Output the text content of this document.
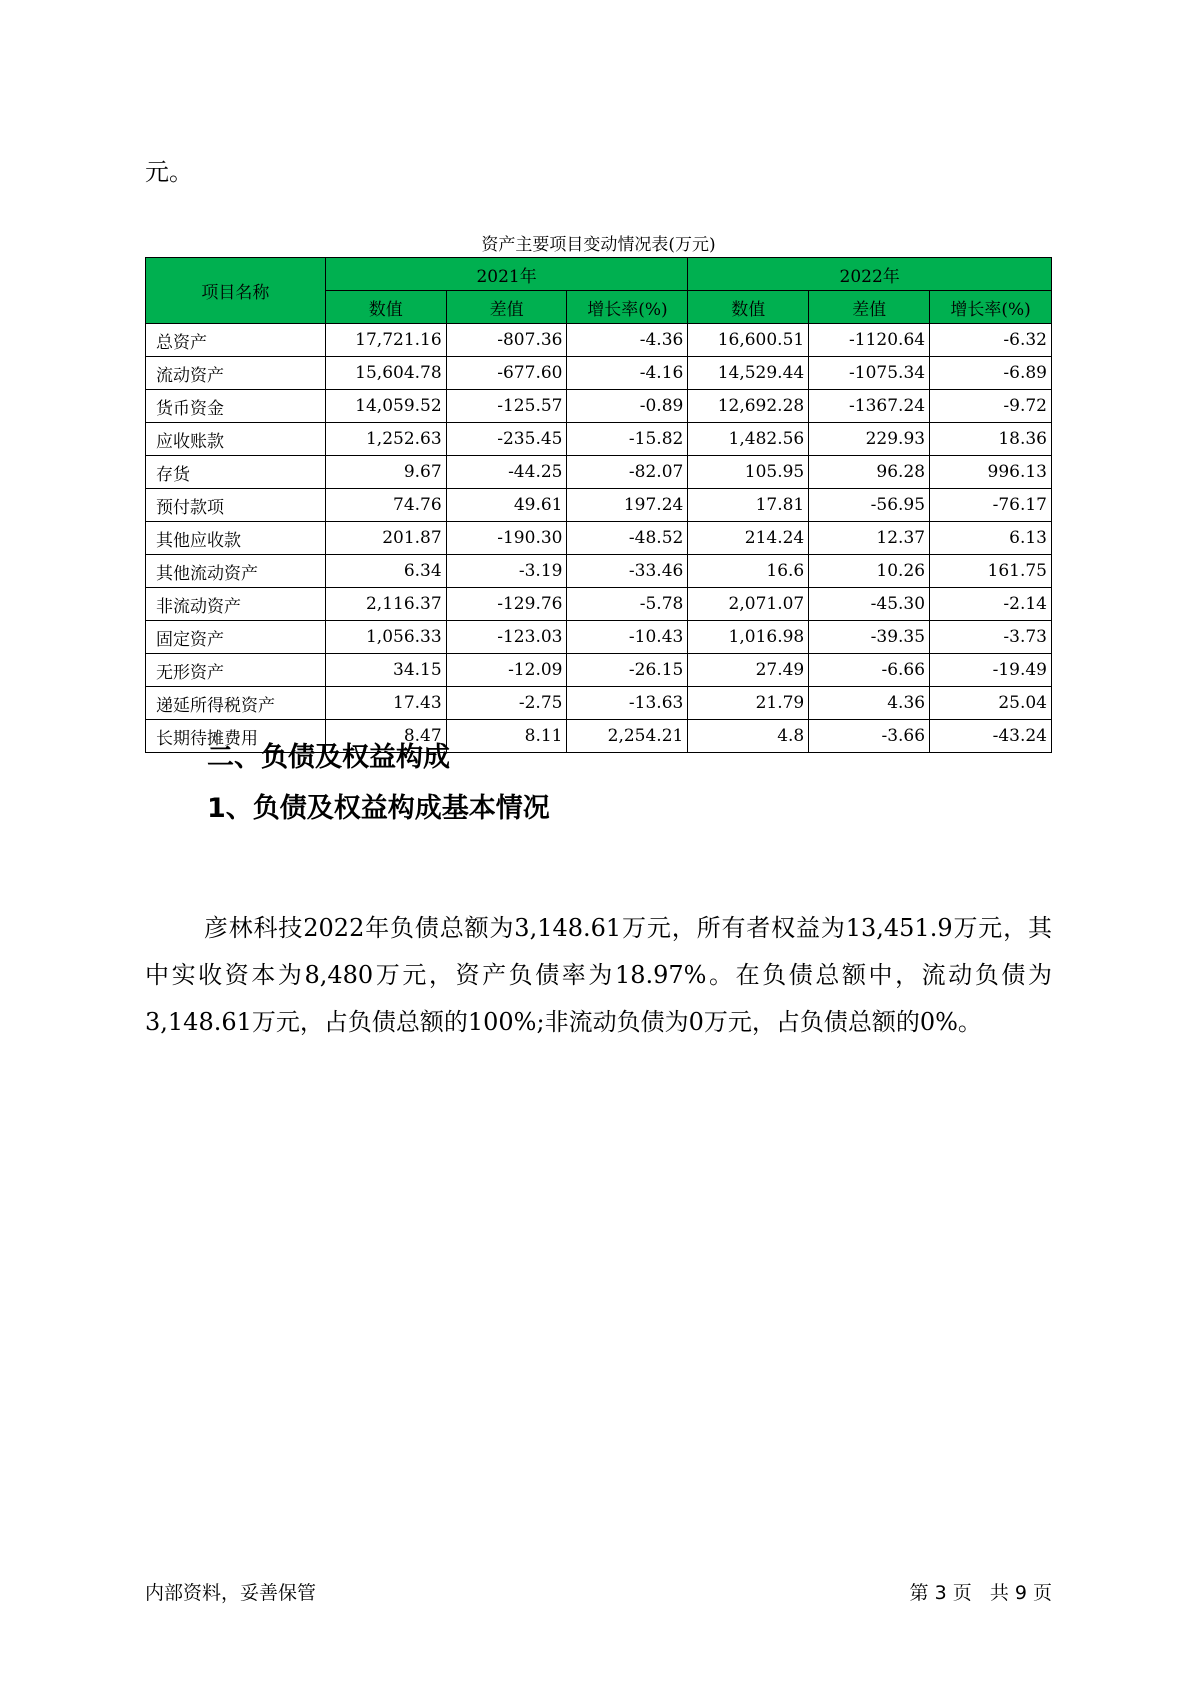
元。
资产主要项目变动情况表(万元)
项目名称	2021年			2022年		
	数值	差值	增长率(%)	数值	差值	增长率(%)
总资产	17,721.16	-807.36	-4.36	16,600.51	-1120.64	-6.32
流动资产	15,604.78	-677.60	-4.16	14,529.44	-1075.34	-6.89
货币资金	14,059.52	-125.57	-0.89	12,692.28	-1367.24	-9.72
应收账款	1,252.63	-235.45	-15.82	1,482.56	229.93	18.36
存货	9.67	-44.25	-82.07	105.95	96.28	996.13
预付款项	74.76	49.61	197.24	17.81	-56.95	-76.17
其他应收款	201.87	-190.30	-48.52	214.24	12.37	6.13
其他流动资产	6.34	-3.19	-33.46	16.6	10.26	161.75
非流动资产	2,116.37	-129.76	-5.78	2,071.07	-45.30	-2.14
固定资产	1,056.33	-123.03	-10.43	1,016.98	-39.35	-3.73
无形资产	34.15	-12.09	-26.15	27.49	-6.66	-19.49
递延所得税资产	17.43	-2.75	-13.63	21.79	4.36	25.04
长期待摊费用	8.47	8.11	2,254.21	4.8	-3.66	-43.24
二、负债及权益构成
1、负债及权益构成基本情况
彦林科技2022年负债总额为3,148.61万元，所有者权益为13,451.9万元，其中实收资本为8,480万元，资产负债率为18.97%。在负债总额中，流动负债为3,148.61万元，占负债总额的100%;非流动负债为0万元，占负债总额的0%。
内部资料，妥善保管	第 3 页   共 9 页
